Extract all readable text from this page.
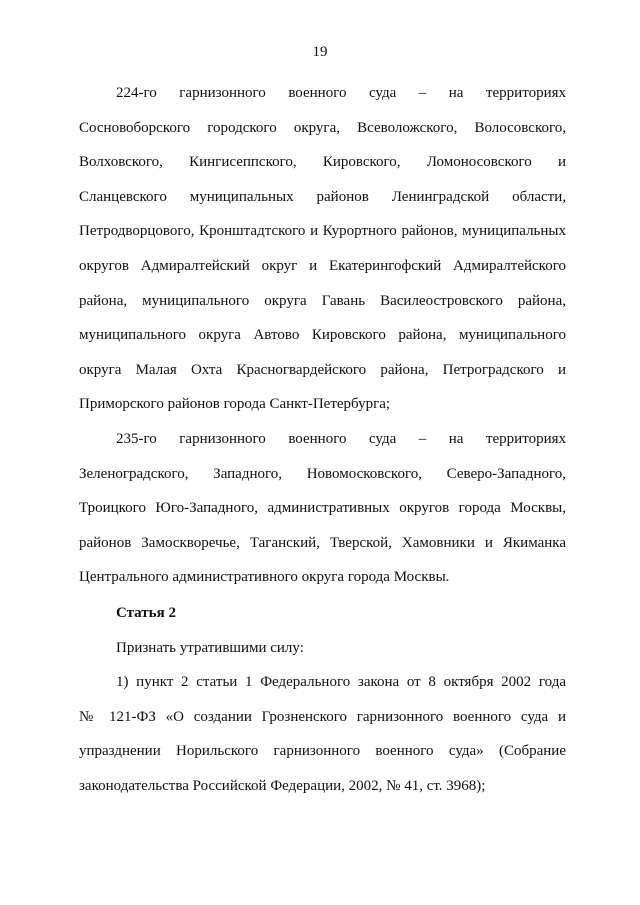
19

224-го гарнизонного военного суда – на территориях
Сосновоборского городского округа, Всеволожского, Волосовского,
Волховского, Кингисеппского, Кировского, Ломоносовского и
Сланцевского муниципальных районов Ленинградской области,
Петродворцового, Кронштадтского и Курортного районов, муниципальных
округов Адмиралтейский округ и Екатерингофский Адмиралтейского
района, муниципального округа Гавань Василеостровского района,
муниципального округа Автово Кировского района, муниципального
округа Малая Охта Красногвардейского района, Петроградского и
Приморского районов города Санкт-Петербурга;

235-го гарнизонного военного суда – на территориях
Зеленоградского, Западного, Новомосковского, Северо-Западного,
Троицкого Юго-Западного, административных округов города Москвы,
районов Замоскворечье, Таганский, Тверской, Хамовники и Якиманка
Центрального административного округа города Москвы.

Статья 2
Признать утратившими силу:

1) пункт 2 статьи 1 Федерального закона от 8 октября 2002 года
№ 121-ФЗ «О создании Грозненского гарнизонного военного суда и
упразднении Норильского гарнизонного военного суда» (Собрание
законодательства Российской Федерации, 2002, № 41, ст. 3968);
